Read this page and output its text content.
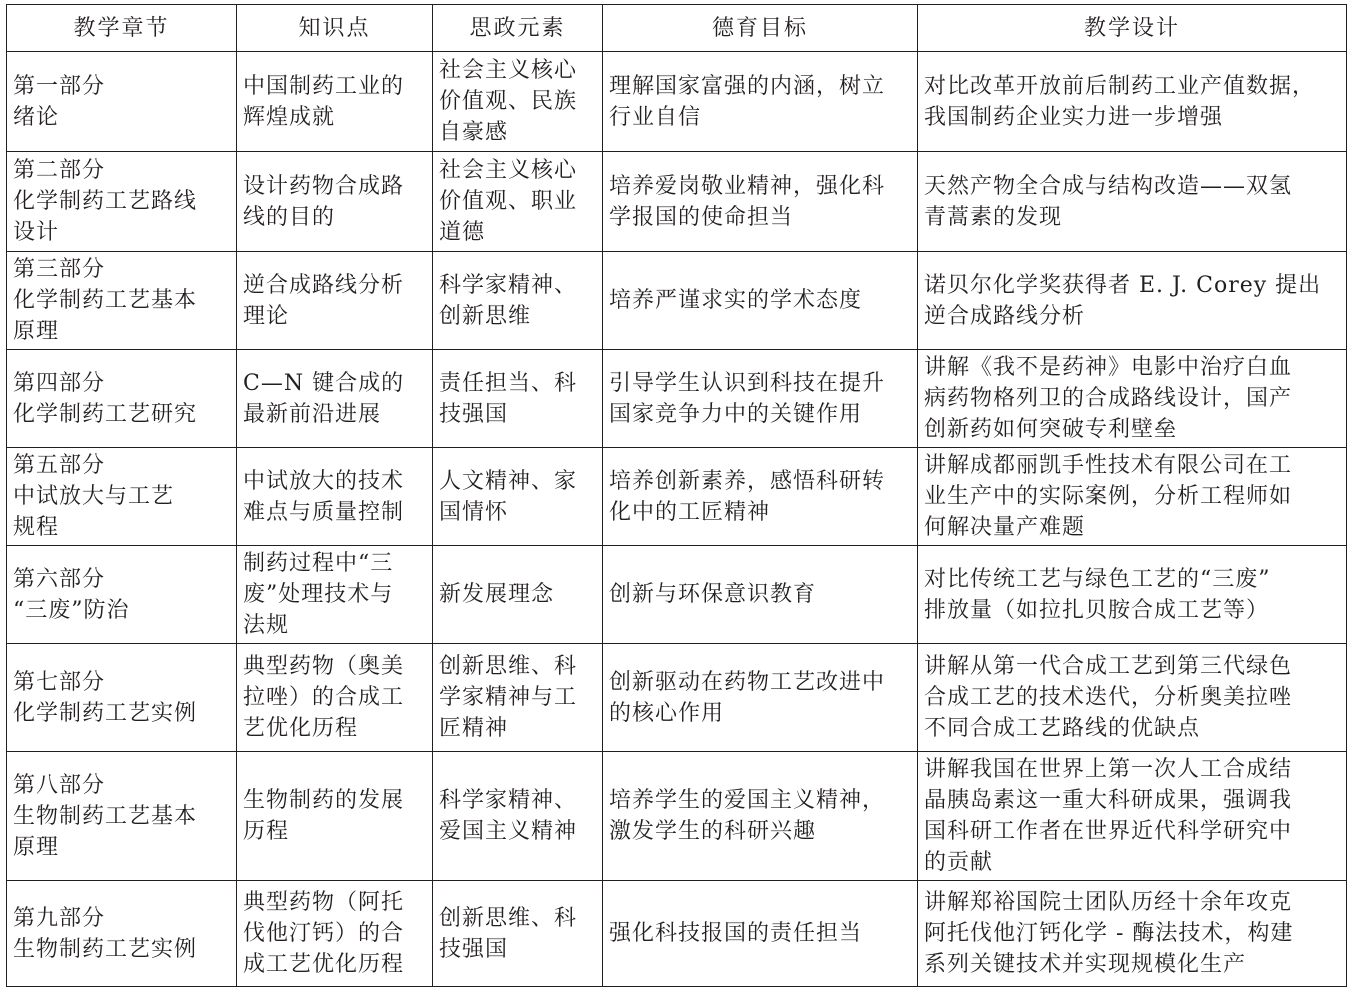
教学章节	知识点	思政元素	德育目标	教学设计

第一部分
绪论	中国制药工业的
辉煌成就	社会主义核心
价值观、民族
自豪感	理解国家富强的内涵，树立
行业自信	对比改革开放前后制药工业产值数据，
我国制药企业实力进一步增强

第二部分
化学制药工艺路线
设计	设计药物合成路
线的目的	社会主义核心
价值观、职业
道德	培养爱岗敬业精神，强化科
学报国的使命担当	天然产物全合成与结构改造——双氢
青蒿素的发现

第三部分
化学制药工艺基本
原理	逆合成路线分析
理论	科学家精神、
创新思维	培养严谨求实的学术态度	诺贝尔化学奖获得者 E. J. Corey 提出
逆合成路线分析

第四部分
化学制药工艺研究	C—N 键合成的
最新前沿进展	责任担当、科
技强国	引导学生认识到科技在提升
国家竞争力中的关键作用	讲解《我不是药神》电影中治疗白血
病药物格列卫的合成路线设计，国产
创新药如何突破专利壁垒

第五部分
中试放大与工艺
规程	中试放大的技术
难点与质量控制	人文精神、家
国情怀	培养创新素养，感悟科研转
化中的工匠精神	讲解成都丽凯手性技术有限公司在工
业生产中的实际案例，分析工程师如
何解决量产难题

第六部分
“三废”防治	制药过程中“三
废”处理技术与
法规	新发展理念	创新与环保意识教育	对比传统工艺与绿色工艺的“三废”
排放量（如拉扎贝胺合成工艺等）

第七部分
化学制药工艺实例	典型药物（奥美
拉唑）的合成工
艺优化历程	创新思维、科
学家精神与工
匠精神	创新驱动在药物工艺改进中
的核心作用	讲解从第一代合成工艺到第三代绿色
合成工艺的技术迭代，分析奥美拉唑
不同合成工艺路线的优缺点

第八部分
生物制药工艺基本
原理	生物制药的发展
历程	科学家精神、
爱国主义精神	培养学生的爱国主义精神，
激发学生的科研兴趣	讲解我国在世界上第一次人工合成结
晶胰岛素这一重大科研成果，强调我
国科研工作者在世界近代科学研究中
的贡献

第九部分
生物制药工艺实例	典型药物（阿托
伐他汀钙）的合
成工艺优化历程	创新思维、科
技强国	强化科技报国的责任担当	讲解郑裕国院士团队历经十余年攻克
阿托伐他汀钙化学 - 酶法技术，构建
系列关键技术并实现规模化生产
